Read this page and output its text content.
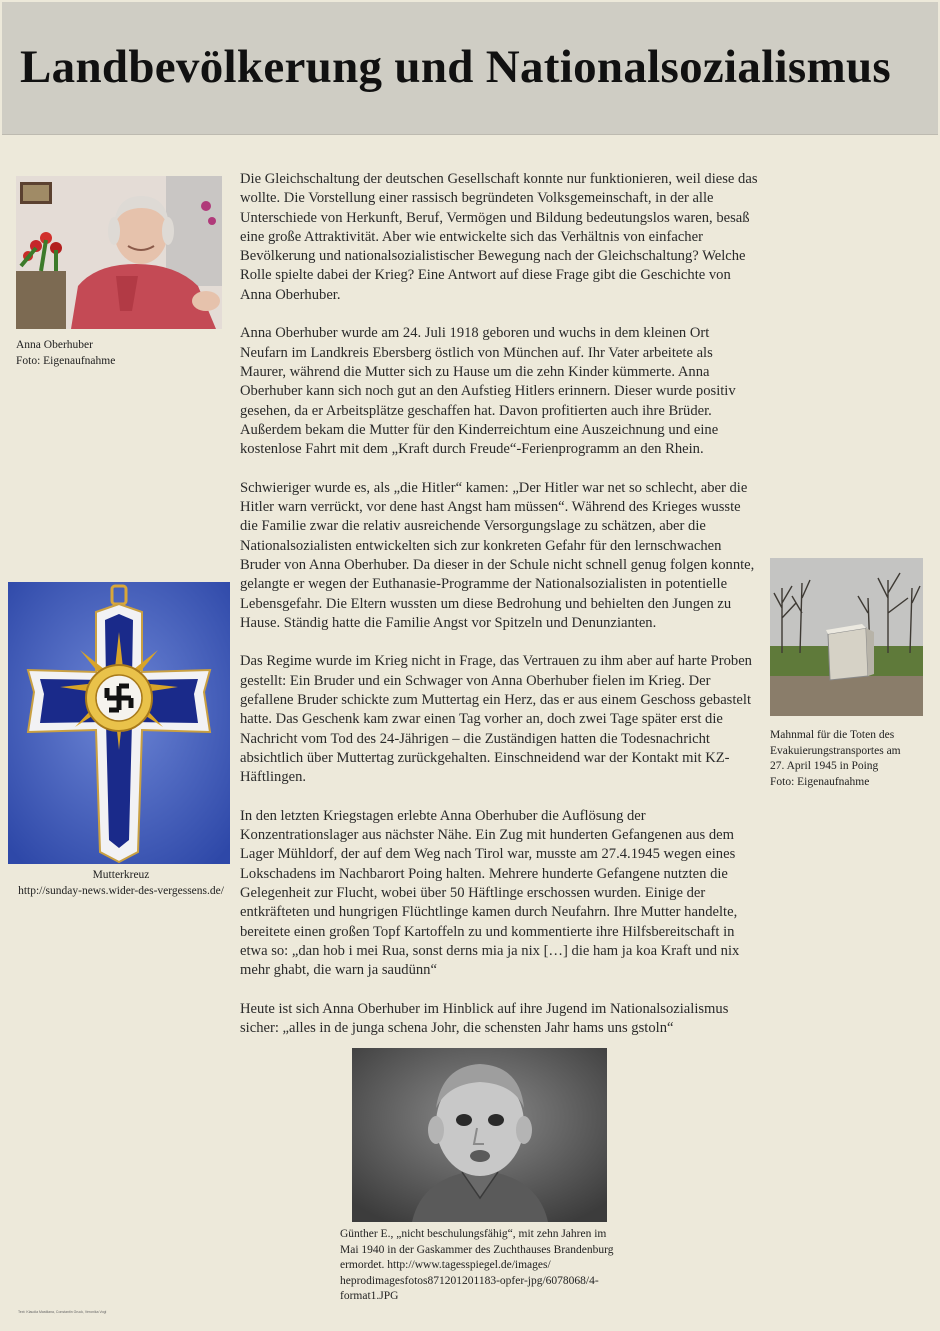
Landbevölkerung und Nationalsozialismus
Anna Oberhuber
Foto: Eigenaufnahme
Mutterkreuz
http://sunday-news.wider-des-vergessens.de/
Mahnmal für die Toten des
Evakuierungstransportes am
27. April 1945 in Poing
Foto: Eigenaufnahme

Die Gleichschaltung der deutschen Gesellschaft konnte nur funktionieren, weil diese das wollte. Die Vorstellung einer rassisch begründeten Volksgemeinschaft, in der alle Unterschiede von Herkunft, Beruf, Vermögen und Bildung bedeutungslos waren, besaß eine große Attraktivität. Aber wie entwickelte sich das Verhältnis von einfacher Bevölkerung und nationalsozialistischer Bewegung nach der Gleichschaltung? Welche Rolle spielte dabei der Krieg? Eine Antwort auf diese Frage gibt die Geschichte von Anna Oberhuber.

Anna Oberhuber wurde am 24. Juli 1918 geboren und wuchs in dem kleinen Ort Neufarn im Landkreis Ebersberg östlich von München auf. Ihr Vater arbeitete als Maurer, während die Mutter sich zu Hause um die zehn Kinder kümmerte. Anna Oberhuber kann sich noch gut an den Aufstieg Hitlers erinnern. Dieser wurde positiv gesehen, da er Arbeitsplätze geschaffen hat. Davon profitierten auch ihre Brüder. Außerdem bekam die Mutter für den Kinderreichtum eine Auszeichnung und eine kostenlose Fahrt mit dem „Kraft durch Freude“-Ferienprogramm an den Rhein.

Schwieriger wurde es, als „die Hitler“ kamen: „Der Hitler war net so schlecht, aber die Hitler warn verrückt, vor dene hast Angst ham müssen“. Während des Krieges wusste die Familie zwar die relativ ausreichende Versorgungslage zu schätzen, aber die Nationalsozialisten entwickelten sich zur konkreten Gefahr für den lernschwachen Bruder von Anna Oberhuber. Da dieser in der Schule nicht schnell genug folgen konnte, gelangte er wegen der Euthanasie-Programme der Nationalsozialisten in potentielle Lebensgefahr. Die Eltern wussten um diese Bedrohung und behielten den Jungen zu Hause. Ständig hatte die Familie Angst vor Spitzeln und Denunzianten.

Das Regime wurde im Krieg nicht in Frage, das Vertrauen zu ihm aber auf harte Proben gestellt: Ein Bruder und ein Schwager von Anna Oberhuber fielen im Krieg. Der gefallene Bruder schickte zum Muttertag ein Herz, das er aus einem Geschoss gebastelt hatte. Das Geschenk kam zwar einen Tag vorher an, doch zwei Tage später erst die Nachricht vom Tod des 24-Jährigen – die Zuständigen hatten die Todesnachricht absichtlich über Muttertag zurückgehalten. Einschneidend war der Kontakt mit KZ-Häftlingen.

In den letzten Kriegstagen erlebte Anna Oberhuber die Auflösung der Konzentrationslager aus nächster Nähe. Ein Zug mit hunderten Gefangenen aus dem Lager Mühldorf, der auf dem Weg nach Tirol war, musste am 27.4.1945 wegen eines Lokschadens im Nachbarort Poing halten. Mehrere hunderte Gefangene nutzten die Gelegenheit zur Flucht, wobei über 50 Häftlinge erschossen wurden. Einige der entkräfteten und hungrigen Flüchtlinge kamen durch Neufahrn. Ihre Mutter handelte, bereitete einen großen Topf Kartoffeln zu und kommentierte ihre Hilfsbereitschaft in etwa so: „dan hob i mei Rua, sonst derns mia ja nix […] die ham ja koa Kraft und nix mehr ghabt, die warn ja saudünn“

Heute ist sich Anna Oberhuber im Hinblick auf ihre Jugend im Nationalsozialismus sicher: „alles in de junga schena Johr, die schensten Jahr hams uns gstoln“

Günther E., „nicht beschulungsfähig“, mit zehn Jahren im
Mai 1940 in der Gaskammer des Zuchthauses Brandenburg
ermordet. http://www.tagesspiegel.de/images/
heprodimagesfotos871201201183-opfer-jpg/6078068/4-
format1.JPG
Text: Klaudia Mastliana, Constantin Gruck, Veronika Vogl
